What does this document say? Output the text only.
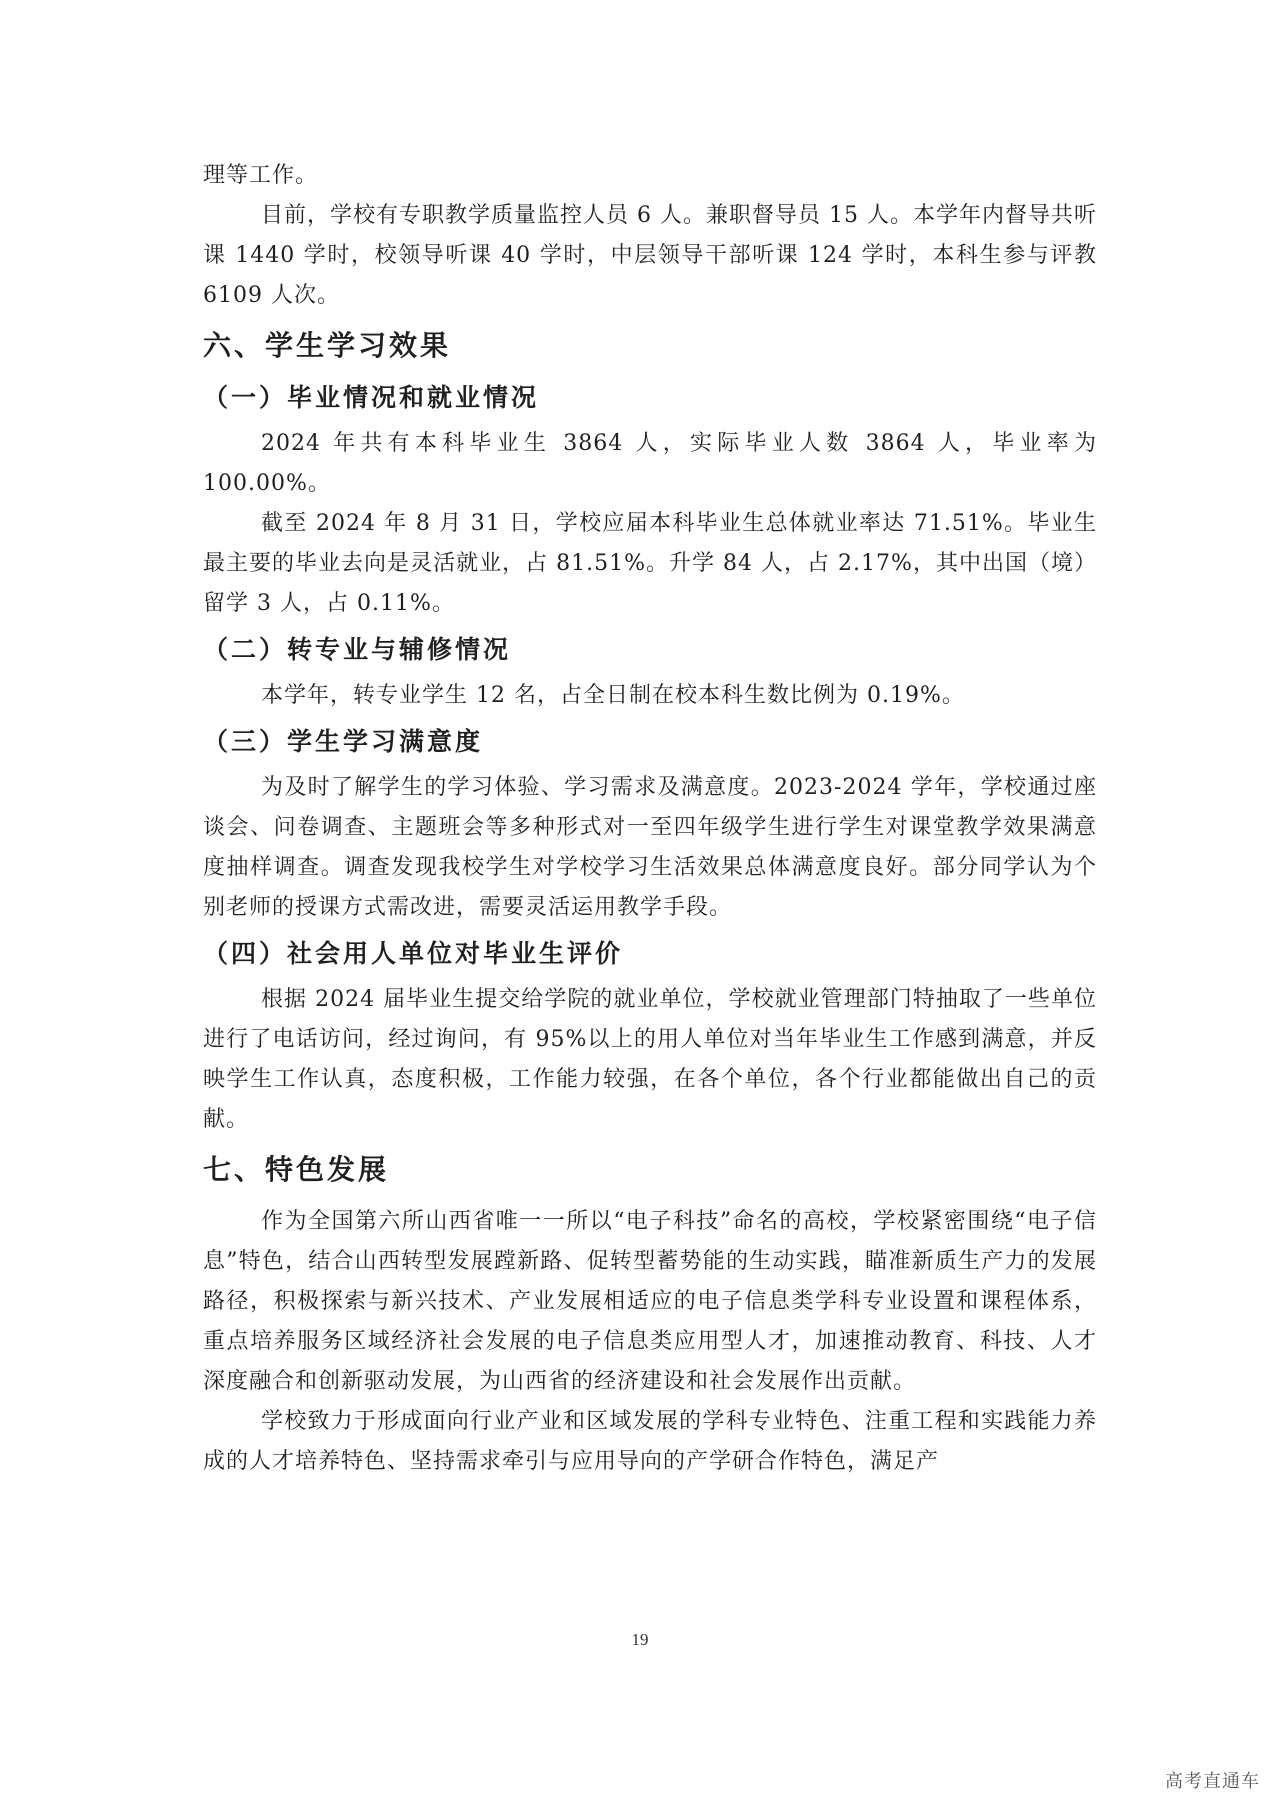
理等工作。

目前，学校有专职教学质量监控人员 6 人。兼职督导员 15 人。本学年内督导共听课 1440 学时，校领导听课 40 学时，中层领导干部听课 124 学时，本科生参与评教 6109 人次。

六、学生学习效果
（一）毕业情况和就业情况

2024 年共有本科毕业生 3864 人，实际毕业人数 3864 人，毕业率为 100.00%。

截至 2024 年 8 月 31 日，学校应届本科毕业生总体就业率达 71.51%。毕业生最主要的毕业去向是灵活就业，占 81.51%。升学 84 人，占 2.17%，其中出国（境）留学 3 人，占 0.11%。

（二）转专业与辅修情况

本学年，转专业学生 12 名，占全日制在校本科生数比例为 0.19%。

（三）学生学习满意度

为及时了解学生的学习体验、学习需求及满意度。2023-2024 学年，学校通过座谈会、问卷调查、主题班会等多种形式对一至四年级学生进行学生对课堂教学效果满意度抽样调查。调查发现我校学生对学校学习生活效果总体满意度良好。部分同学认为个别老师的授课方式需改进，需要灵活运用教学手段。

（四）社会用人单位对毕业生评价

根据 2024 届毕业生提交给学院的就业单位，学校就业管理部门特抽取了一些单位进行了电话访问，经过询问，有 95%以上的用人单位对当年毕业生工作感到满意，并反映学生工作认真，态度积极，工作能力较强，在各个单位，各个行业都能做出自己的贡献。

七、特色发展

作为全国第六所山西省唯一一所以“电子科技”命名的高校，学校紧密围绕“电子信息”特色，结合山西转型发展蹚新路、促转型蓄势能的生动实践，瞄准新质生产力的发展路径，积极探索与新兴技术、产业发展相适应的电子信息类学科专业设置和课程体系，重点培养服务区域经济社会发展的电子信息类应用型人才，加速推动教育、科技、人才深度融合和创新驱动发展，为山西省的经济建设和社会发展作出贡献。

学校致力于形成面向行业产业和区域发展的学科专业特色、注重工程和实践能力养成的人才培养特色、坚持需求牵引与应用导向的产学研合作特色，满足产

19
高考直通车
